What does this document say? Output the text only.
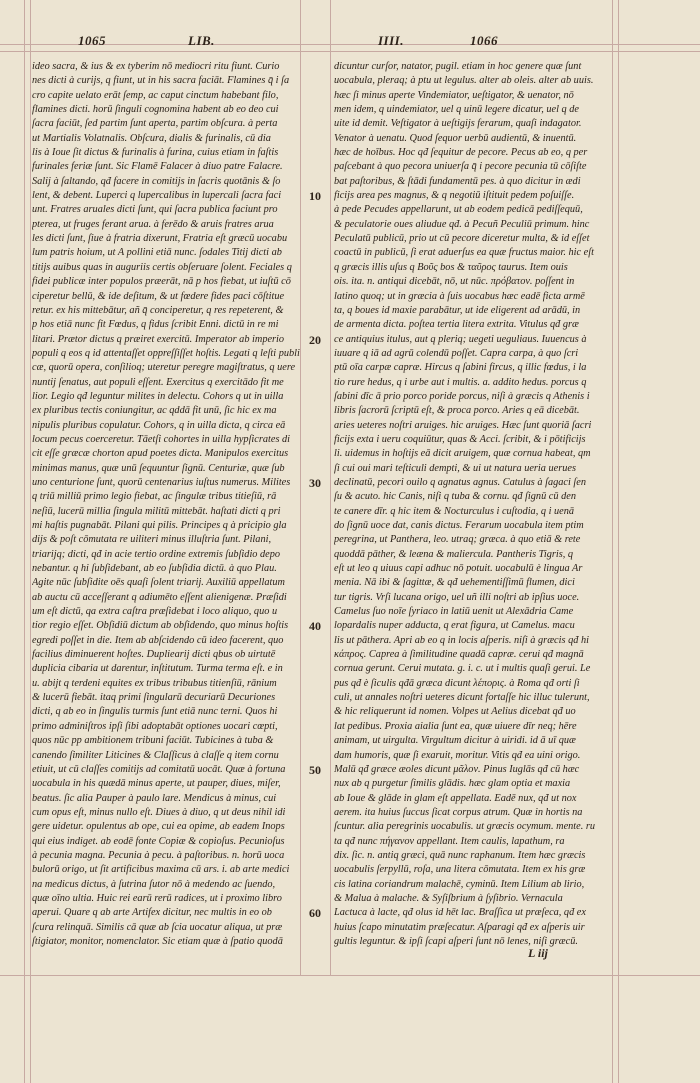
1065	LIB.	IIII.	1066
ideo sacra, & ius & ex tyberim nō mediocri ritu fiunt. Curio
nes dicti à curijs, q fiunt, ut in his sacra faciāt. Flamines q̄ i ſa
cro capite uelato erāt ſemp, ac caput cinctum habebant filo,
flamines dicti. horū ſinguli cognomina habent ab eo deo cui
ſacra faciūt, ſed partim ſunt aperta, partim obſcura. à perta
ut Martialis Volatnalis. Obſcura, dialis & furinalis, cū dia
lis à Ioue ſit dictus & furinalis à furina, cuius etiam in faſtis
furinales feriæ ſunt. Sic Flamē Falacer à diuo patre Falacre.
Salij à ſaltando, qđ facere in comitijs in ſacris quotānis & ſo
lent, & debent. Luperci q lupercalibus in lupercali ſacra faci
unt. Fratres aruales dicti ſunt, qui ſacra publica faciunt pro
pterea, ut fruges ferant arua. à ferēdo & aruis fratres arua
les dicti ſunt, ſiue à fratria dixerunt, Fratria eſt græcū uocabu
lum patris hoium, ut A pollini etiā nunc. ſodales Titij dicti ab
titijs auibus quas in auguriis certis obſeruare ſolent. Feciales q
fidei publicæ inter populos præerāt, nā p hos fiebat, ut iuſtū cō
ciperetur bellū, & ide deſitum, & ut fœdere fides paci cōſtitue
retur. ex his mittebātur, añ q̄ conciperetur, q res repeterent, &
p hos etiā nunc fit Fœdus, q fidus ſcribit Enni. dictū in re mi
litari. Prætor dictus q præiret exercitū. Imperator ab imperio
populi q eos q id attentaſſet oppreſſiſſet hoſtis. Legati q leſti publi
cæ, quorū opera, conſilioq; uteretur peregre magiſtratus, q uere
nuntij ſenatus, aut populi eſſent. Exercitus q exercitādo fit me
lior. Legio qđ leguntur milites in delectu. Cohors q ut in uilla
ex pluribus tectis coniungitur, ac qddā fit unū, ſic hic ex ma
nipulis pluribus copulatur. Cohors, q in uilla dicta, q circa eā
locum pecus coerceretur. Tāetſi cohortes in uilla hypſicrates di
cit eſſe græcæ chorton apud poetes dicta. Manipulos exercitus
minimas manus, quæ unū ſequuntur ſignū. Centuriæ, quæ ſub
uno centurione ſunt, quorū centenarius iuſtus numerus. Milites
q triū milliū primo legio fiebat, ac ſingulæ tribus titieſiū, rā
neſiū, lucerū millia ſingula militū mittebāt. haſtati dicti q pri
mi haſtis pugnabāt. Pilani qui pilis. Principes q à pricipio gla
dijs & poſt cōmutata re uiliteri minus illuſtria ſunt. Pilani,
triarijq; dicti, qđ in acie tertio ordine extremis ſubſidio depo
nebantur. q hi ſubſidebant, ab eo ſubſidia dictū. à quo Plau.
Agite nūc ſubſidite oēs quaſi ſolent triarij. Auxiliū appellatum
ab auctu cū acceſſerant q adiumēto eſſent alienigenæ. Præſidi
um eſt dictū, qa extra caſtra præſidebat i loco aliquo, quo u
tior regio eſſet. Obſidiū dictum ab obſidendo, quo minus hoſtis
egredi poſſet in die. Item ab abſcidendo cū ideo facerent, quo
facilius diminuerent hoſtes. Dupliearij dicti qbus ob uirtutē
duplicia cibaria ut darentur, inſtitutum. Turma terma eſt. e in
u. abijt q terdeni equites ex tribus tribubus titienſiū, rānium
& lucerū fiebāt. itaq primi ſingularū decuriarū Decuriones
dicti, q ab eo in ſingulis turmis ſunt etiā nunc terni. Quos hi
primo adminiſtros ipſi ſibi adoptabāt optiones uocari cœpti,
quos nūc pp ambitionem tribuni faciūt. Tubicines à tuba &
canendo ſimiliter Liticines & Claſſicus à claſſe q item cornu
etiuit, ut cū claſſes comitijs ad comitatū uocāt. Quæ à fortuna
uocabula in his quædā minus aperte, ut pauper, diues, miſer,
beatus. ſic alia Pauper à paulo lare. Mendicus à minus, cui
cum opus eſt, minus nullo eſt. Diues à diuo, q ut deus nihil idi
gere uidetur. opulentus ab ope, cui ea opime, ab eadem Inops
qui eius indiget. ab eodē fonte Copiæ & copioſus. Pecunioſus
à pecunia magna. Pecunia à pecu. à paſtoribus. n. horū uoca
bulorū origo, ut ſit artificibus maxima cū ars. i. ab arte medici
na medicus dictus, à ſutrina ſutor nō à medendo ac ſuendo,
quæ oīno ultia. Huic rei earū rerū radices, ut i proximo libro
aperui. Quare q ab arte Artifex dicitur, nec multis in eo ob
ſcura relinquā. Similis cā quæ ab ſcia uocatur aliqua, ut præ
ſtigiator, monitor, nomenclator. Sic etiam quæ à ſpatio quodā
dicuntur curſor, natator, pugil. etiam in hoc genere quæ ſunt
uocabula, pleraq; à ptu ut legulus. alter ab oleis. alter ab uuis.
hæc ſi minus aperte Vindemiator, ueſtigator, & uenator, nō
men idem, q uindemiator, uel q uinū legere dicatur, uel q de
uite id demit. Veſtigator à ueſtigijs ferarum, quaſi indagator.
Venator à uenatu. Quod ſequor uerbū audientū, & inuentū.
hæc de hoībus. Hoc qđ ſequitur de pecore. Pecus ab eo, q per
paſcebant à quo pecora uniuerſa q̄ i pecore pecunia tū cōſiſte
bat paſtoribus, & ſtādi fundamentū pes. à quo dicitur in ædi
ficijs area pes magnus, & q negotiū iſtituit pedem poſuiſſe.
à pede Pecudes appellarunt, ut ab eodem pedicā pediſſequū,
& peculatorie oues aliudue qđ. à Pecuñ Peculiū primum. hinc
Peculatū publicū, prio ut cū pecore diceretur multa, & id eſſet
coactū in publicū, ſi erat aduerſus ea quæ fructus maior. hic eſt
q græcis illis uſus q Βοῦς bos & ταῦρος taurus. Item ouis
ois. ita. n. antiqui dicebāt, nō, ut nūc. πρόβατον. poſſent in
latino quoq; ut in græcia à ſuis uocabus hæc eadē ficta armē
ta, q boues id maxie parabātur, ut ide eligerent ad arādū, in
de armenta dicta. poſtea tertia litera extrita. Vitulus qđ græ
ce antiquius itulus, aut q pleriq; uegeti ueguliaus. Iuuencus à
iuuare q iā ad agrū colendū poſſet. Capra carpa, à quo ſcri
ptū oīa carpæ capræ. Hircus q ſabini fircus, q illic fœdus, i la
tio rure hedus, q i urbe aut i multis. a. addito hedus. porcus q
ſabini dīc ā prio porco poride porcus, niſi à græcis q Athenis i
libris ſacrorū ſcriptū eſt, & proca porco. Aries q eā dicebāt.
aries ueteres noſtri aruiges. hic aruiges. Hæc ſunt quoriā ſacri
ficijs exta i ueru coquiūtur, quas & Acci. ſcribit, & i pōtificijs
li. uidemus in hoſtijs eā dicit aruigem, quæ cornua habeat, qm
ſi cui oui mari teſticuli dempti, & ui ut natura ueria uerues
declinatū, pecori ouilo q agnatus agnus. Catulus à ſagaci ſen
ſu & acuto. hic Canis, niſi q tuba & cornu. qđ ſignū cū den
te canere dīr. q hic item & Nocturculus i cuſtodia, q i uenā
do ſignū uoce dat, canis dictus. Ferarum uocabula item ptim
peregrina, ut Panthera, leo. utraq; græca. à quo etiā & rete
quoddā pāther, & leæna & maliercula. Pantheris Tigris, q
eſt ut leo q uiuus capi adhuc nō potuit. uocabulū è lingua Ar
menia. Nā ibi & ſagittæ, & qđ uehementiſſimū flumen, dici
tur tigris. Vrſi lucana origo, uel uñ illi noſtri ab ipſius uoce.
Camelus ſuo noīe ſyriaco in latiū uenit ut Alexādria Came
lopardalis nuper adducta, q erat figura, ut Camelus. macu
lis ut pāthera. Apri ab eo q in locis aſperis. niſi à græcis qđ hi
κάπρος. Caprea à ſimilitudine quadā capræ. cerui qđ magnā
cornua gerunt. Cerui mutata. g. i. c. ut i multis quaſi gerui. Le
pus qđ è ſiculis qđā græca dicunt λέπορις. à Roma qđ orti ſi
culi, ut annales noſtri ueteres dicunt fortaſſe hic illuc tulerunt,
& hic reliquerunt id nomen. Volpes ut Aelius dicebat qđ uo
lat pedibus. Proxia aialia ſunt ea, quæ uiuere dīr neq; hēre
animam, ut uirgulta. Virgultum dicitur à uiridi. id ā uī quæ
dam humoris, quæ ſi exaruit, moritur. Vitis qđ ea uini origo.
Malū qđ græce æoles dicunt μᾶλον. Pinus Iuglās qđ cū hæc
nux ab q purgetur ſimilis glādis. hæc glam optia et maxia
ab Ioue & glāde in glam eſt appellata. Eadē nux, qđ ut nox
aerem. ita huius ſuccus ſicat corpus atrum. Quæ in hortis na
ſcuntur. alia peregrinis uocabulis. ut græcis ocymum. mente. ru
ta qđ nunc πήγανον appellant. Item caulis, lapathum, ra
dix. ſic. n. antiq græci, quā nunc raphanum. Item hæc græcis
uocabulis ſerpyllū, roſa, una litera cōmutata. Item ex his græ
cis latina coriandrum malachē, cyminū. Item Lilium ab lirio,
& Malua à malache. & Syſiſbrium à ſyſibrio. Vernacula
Lactuca à lacte, qđ olus id hēt lac. Braſſica ut præſeca, qđ ex
huius ſcapo minutatim præſecatur. Aſparagi qđ ex aſperis uir
gultis leguntur. & ipſi ſcapi aſperi ſunt nō lenes, niſi græcū.
10
20
30
40
50
60
L iij
